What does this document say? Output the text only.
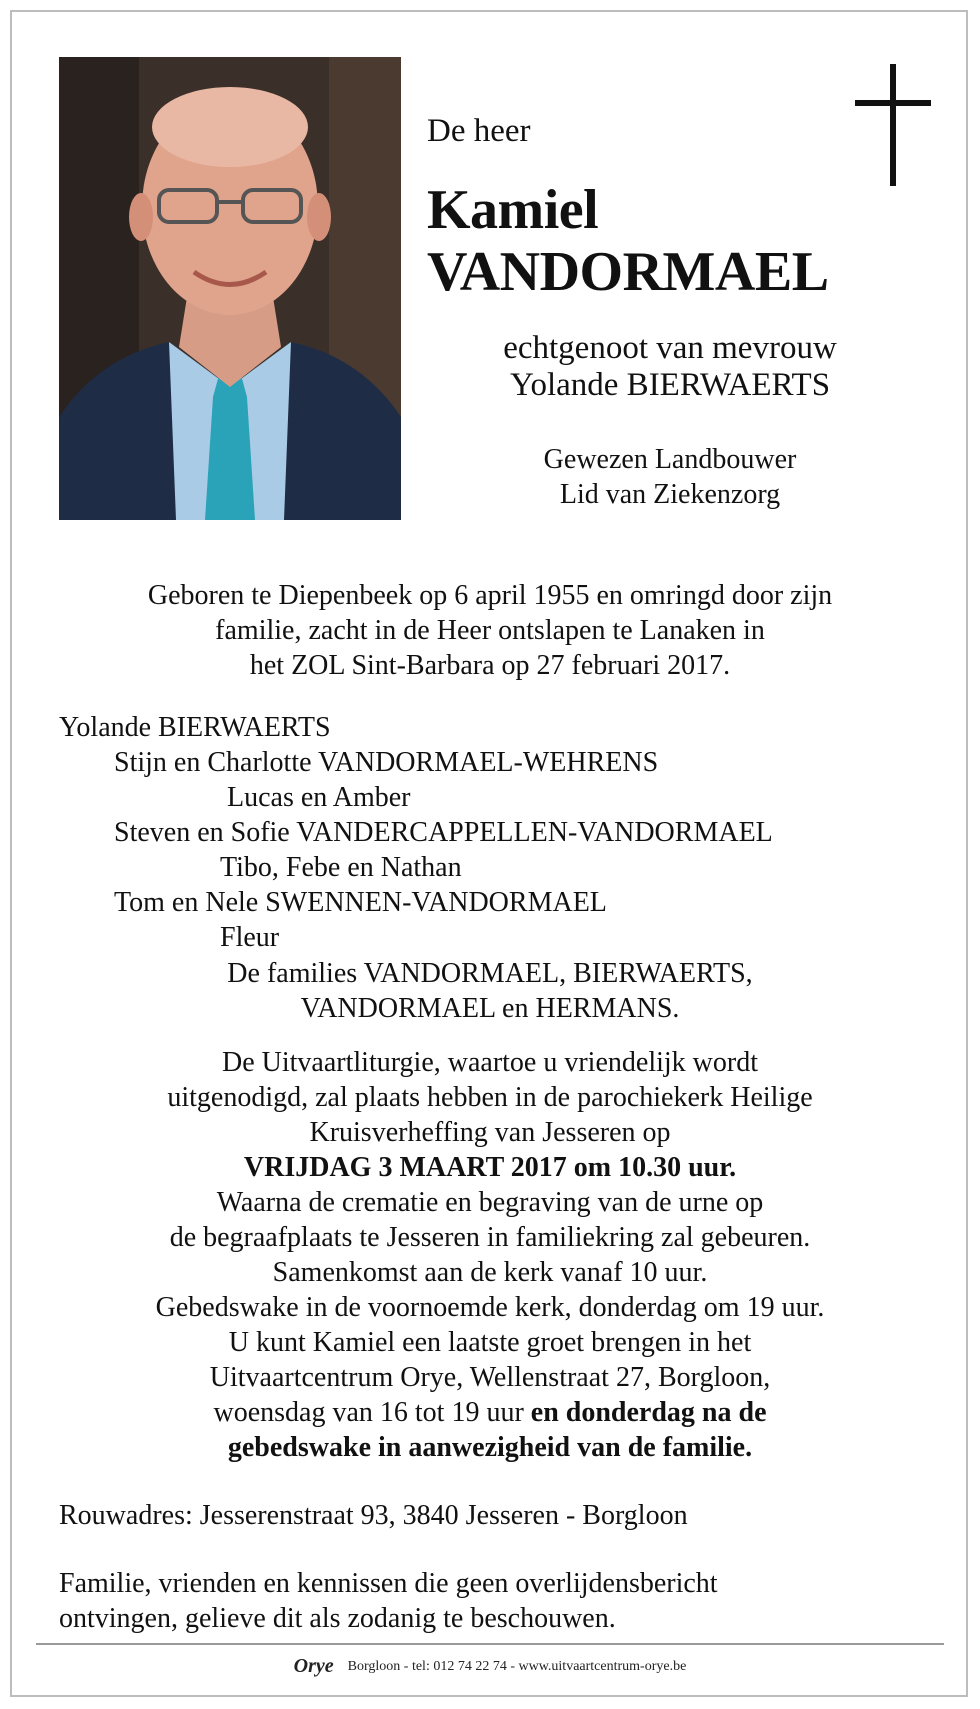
De heer

Kamiel

VANDORMAEL

echtgenoot van mevrouw

Yolande BIERWAERTS

Gewezen Landbouwer

Lid van Ziekenzorg

Geboren te Diepenbeek op 6 april 1955 en omringd door zijn

familie, zacht in de Heer ontslapen te Lanaken in

het ZOL Sint-Barbara op 27 februari 2017.

Yolande BIERWAERTS

Stijn en Charlotte VANDORMAEL-WEHRENS

Lucas en Amber

Steven en Sofie VANDERCAPPELLEN-VANDORMAEL

Tibo, Febe en Nathan

Tom en Nele SWENNEN-VANDORMAEL

Fleur

De families VANDORMAEL, BIERWAERTS,

VANDORMAEL en HERMANS.

De Uitvaartliturgie, waartoe u vriendelijk wordt

uitgenodigd, zal plaats hebben in de parochiekerk Heilige

Kruisverheffing van Jesseren op

VRIJDAG 3 MAART 2017 om 10.30 uur.

Waarna de crematie en begraving van de urne op

de begraafplaats te Jesseren in familiekring zal gebeuren.

Samenkomst aan de kerk vanaf 10 uur.

Gebedswake in de voornoemde kerk, donderdag om 19 uur.

U kunt Kamiel een laatste groet brengen in het

Uitvaartcentrum Orye, Wellenstraat 27, Borgloon,

woensdag van 16 tot 19 uur en donderdag na de

gebedswake in aanwezigheid van de familie.

Rouwadres: Jesserenstraat 93, 3840 Jesseren - Borgloon

Familie, vrienden en kennissen die geen overlijdensbericht

ontvingen, gelieve dit als zodanig te beschouwen.

Orye Borgloon - tel: 012 74 22 74 - www.uitvaartcentrum-orye.be
